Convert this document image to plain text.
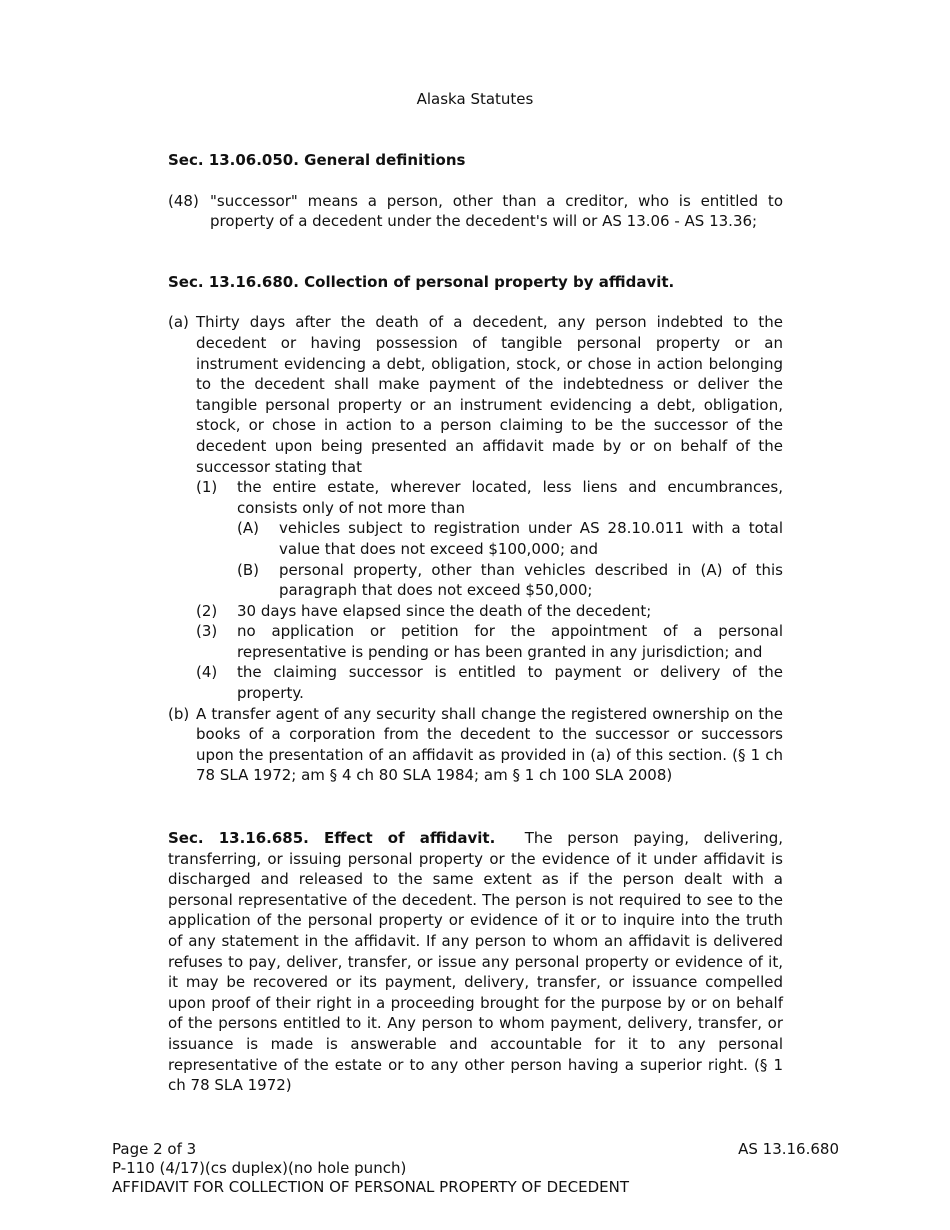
Alaska Statutes

Sec. 13.06.050. General definitions

(48) "successor" means a person, other than a creditor, who is entitled to property of a decedent under the decedent's will or AS 13.06 - AS 13.36;

Sec. 13.16.680. Collection of personal property by affidavit.

(a) Thirty days after the death of a decedent, any person indebted to the decedent or having possession of tangible personal property or an instrument evidencing a debt, obligation, stock, or chose in action belonging to the decedent shall make payment of the indebtedness or deliver the tangible personal property or an instrument evidencing a debt, obligation, stock, or chose in action to a person claiming to be the successor of the decedent upon being presented an affidavit made by or on behalf of the successor stating that
(1)	the entire estate, wherever located, less liens and encumbrances, consists only of not more than
(A)	vehicles subject to registration under AS 28.10.011 with a total value that does not exceed $100,000; and
(B)	personal property, other than vehicles described in (A) of this paragraph that does not exceed $50,000;
(2)	30 days have elapsed since the death of the decedent;
(3)	no application or petition for the appointment of a personal representative is pending or has been granted in any jurisdiction; and
(4)	the claiming successor is entitled to payment or delivery of the property.
(b) A transfer agent of any security shall change the registered ownership on the books of a corporation from the decedent to the successor or successors upon the presentation of an affidavit as provided in (a) of this section. (§ 1 ch 78 SLA 1972; am § 4 ch 80 SLA 1984; am § 1 ch 100 SLA 2008)
Sec. 13.16.685. Effect of affidavit. The person paying, delivering, transferring, or issuing personal property or the evidence of it under affidavit is discharged and released to the same extent as if the person dealt with a personal representative of the decedent. The person is not required to see to the application of the personal property or evidence of it or to inquire into the truth of any statement in the affidavit. If any person to whom an affidavit is delivered refuses to pay, deliver, transfer, or issue any personal property or evidence of it, it may be recovered or its payment, delivery, transfer, or issuance compelled upon proof of their right in a proceeding brought for the purpose by or on behalf of the persons entitled to it. Any person to whom payment, delivery, transfer, or issuance is made is answerable and accountable for it to any personal representative of the estate or to any other person having a superior right. (§ 1 ch 78 SLA 1972)
Page 2 of 3
P-110 (4/17)(cs duplex)(no hole punch)
AFFIDAVIT FOR COLLECTION OF PERSONAL PROPERTY OF DECEDENT
AS 13.16.680
